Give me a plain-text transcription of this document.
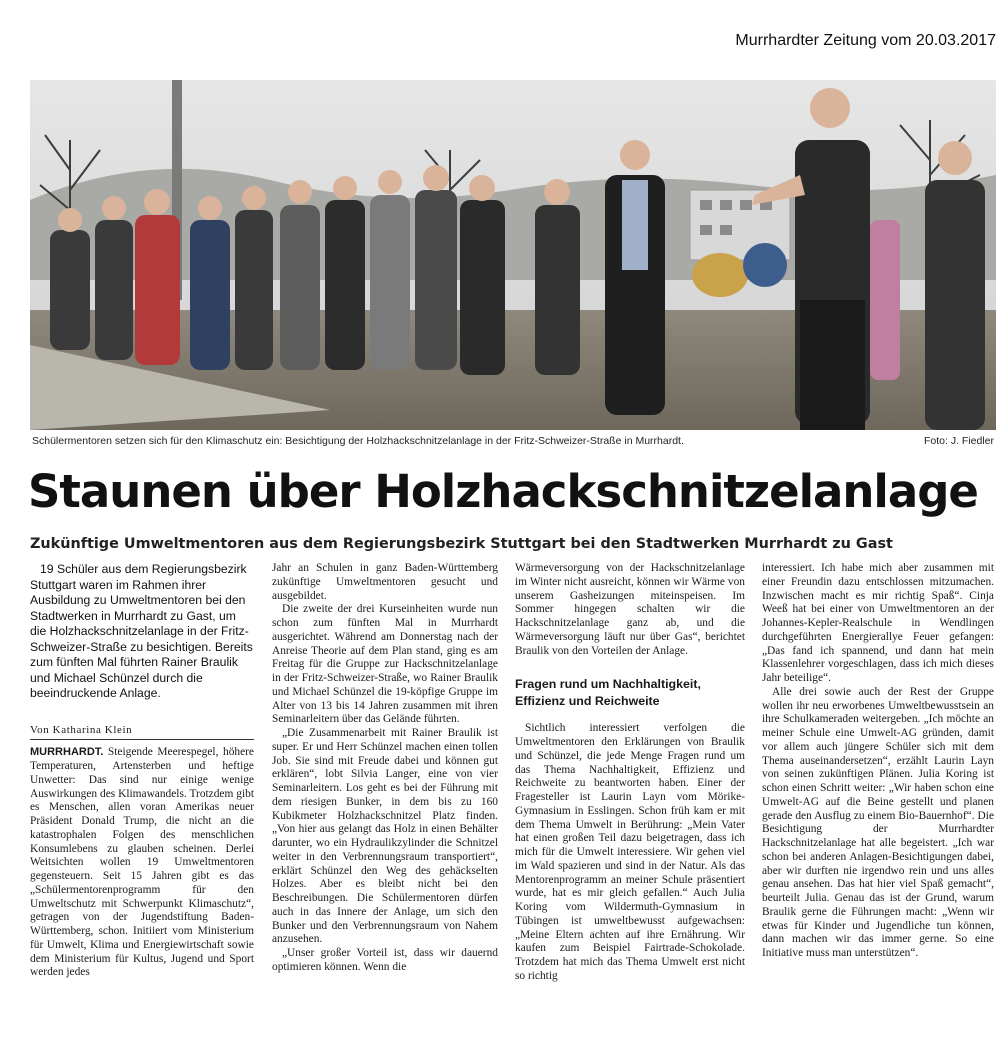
Murrhardter Zeitung vom 20.03.2017
Schülermentoren setzen sich für den Klimaschutz ein: Besichtigung der Holzhackschnitzelanlage in der Fritz-Schweizer-Straße in Murrhardt.	Foto: J. Fiedler
Staunen über Holzhackschnitzelanlage
Zukünftige Umweltmentoren aus dem Regierungsbezirk Stuttgart bei den Stadtwerken Murrhardt zu Gast

19 Schüler aus dem Regierungsbezirk Stuttgart waren im Rahmen ihrer Ausbildung zu Umweltmentoren bei den Stadtwerken in Murrhardt zu Gast, um die Holzhackschnitzelanlage in der Fritz-Schweizer-Straße zu besichtigen. Bereits zum fünften Mal führten Rainer Braulik und Michael Schünzel durch die beeindruckende Anlage.

Von Katharina Klein

MURRHARDT. Steigende Meerespegel, höhere Temperaturen, Artensterben und heftige Unwetter: Das sind nur einige wenige Auswirkungen des Klimawandels. Trotzdem gibt es Menschen, allen voran Amerikas neuer Präsident Donald Trump, die nicht an die katastrophalen Folgen des menschlichen Konsumlebens zu glauben scheinen. Derlei Weitsichten wollen 19 Umweltmentoren gegensteuern. Seit 15 Jahren gibt es das „Schülermentorenprogramm für den Umweltschutz mit Schwerpunkt Klimaschutz“, getragen von der Jugendstiftung Baden-Württemberg, schon. Initiiert vom Ministerium für Umwelt, Klima und Energiewirtschaft sowie dem Ministerium für Kultus, Jugend und Sport werden jedes

Jahr an Schulen in ganz Baden-Württemberg zukünftige Umweltmentoren gesucht und ausgebildet.

Die zweite der drei Kurseinheiten wurde nun schon zum fünften Mal in Murrhardt ausgerichtet. Während am Donnerstag nach der Anreise Theorie auf dem Plan stand, ging es am Freitag für die Gruppe zur Hackschnitzelanlage in der Fritz-Schweizer-Straße, wo Rainer Braulik und Michael Schünzel die 19-köpfige Gruppe im Alter von 13 bis 14 Jahren zusammen mit ihren Seminarleitern über das Gelände führten.

„Die Zusammenarbeit mit Rainer Braulik ist super. Er und Herr Schünzel machen einen tollen Job. Sie sind mit Freude dabei und können gut erklären“, lobt Silvia Langer, eine von vier Seminarleitern. Los geht es bei der Führung mit dem riesigen Bunker, in dem bis zu 160 Kubikmeter Holzhackschnitzel Platz finden. „Von hier aus gelangt das Holz in einen Behälter darunter, wo ein Hydraulikzylinder die Schnitzel weiter in den Verbrennungsraum transportiert“, erklärt Schünzel den Weg des gehäckselten Holzes. Aber es bleibt nicht bei den Beschreibungen. Die Schülermentoren dürfen auch in das Innere der Anlage, um sich den Bunker und den Verbrennungsraum von Nahem anzusehen.

„Unser großer Vorteil ist, dass wir dauernd optimieren können. Wenn die

Wärmeversorgung von der Hackschnitzelanlage im Winter nicht ausreicht, können wir Wärme von unserem Gasheizungen miteinspeisen. Im Sommer hingegen schalten wir die Hackschnitzelanlage ganz ab, und die Wärmeversorgung läuft nur über Gas“, berichtet Braulik von den Vorteilen der Anlage.

Fragen rund um Nachhaltigkeit, Effizienz und Reichweite

Sichtlich interessiert verfolgen die Umweltmentoren den Erklärungen von Braulik und Schünzel, die jede Menge Fragen rund um das Thema Nachhaltigkeit, Effizienz und Reichweite zu beantworten haben. Einer der Fragesteller ist Laurin Layn vom Mörike-Gymnasium in Esslingen. Schon früh kam er mit dem Thema Umwelt in Berührung: „Mein Vater hat einen großen Teil dazu beigetragen, dass ich mich für die Umwelt interessiere. Wir gehen viel im Wald spazieren und sind in der Natur. Als das Mentorenprogramm an meiner Schule präsentiert wurde, hat es mir gleich gefallen.“ Auch Julia Koring vom Wildermuth-Gymnasium in Tübingen ist umweltbewusst aufgewachsen: „Meine Eltern achten auf ihre Ernährung. Wir kaufen zum Beispiel Fairtrade-Schokolade. Trotzdem hat mich das Thema Umwelt erst nicht so richtig

interessiert. Ich habe mich aber zusammen mit einer Freundin dazu entschlossen mitzumachen. Inzwischen macht es mir richtig Spaß“. Cinja Weeß hat bei einer von Umweltmentoren an der Johannes-Kepler-Realschule in Wendlingen durchgeführten Energierallye Feuer gefangen: „Das fand ich spannend, und dann hat mein Klassenlehrer vorgeschlagen, dass ich mich dieses Jahr beteilige“.

Alle drei sowie auch der Rest der Gruppe wollen ihr neu erworbenes Umweltbewusstsein an ihre Schulkameraden weitergeben. „Ich möchte an meiner Schule eine Umwelt-AG gründen, damit vor allem auch jüngere Schüler sich mit dem Thema auseinandersetzen“, erzählt Laurin Layn von seinen zukünftigen Plänen. Julia Koring ist schon einen Schritt weiter: „Wir haben schon eine Umwelt-AG auf die Beine gestellt und planen gerade den Ausflug zu einem Bio-Bauernhof“. Die Besichtigung der Murrhardter Hackschnitzelanlage hat alle begeistert. „Ich war schon bei anderen Anlagen-Besichtigungen dabei, aber wir durften nie irgendwo rein und uns alles genau ansehen. Das hat hier viel Spaß gemacht“, beurteilt Julia. Genau das ist der Grund, warum Braulik gerne die Führungen macht: „Wenn wir etwas für Kinder und Jugendliche tun können, dann machen wir das immer gerne. So eine Initiative muss man unterstützen“.
